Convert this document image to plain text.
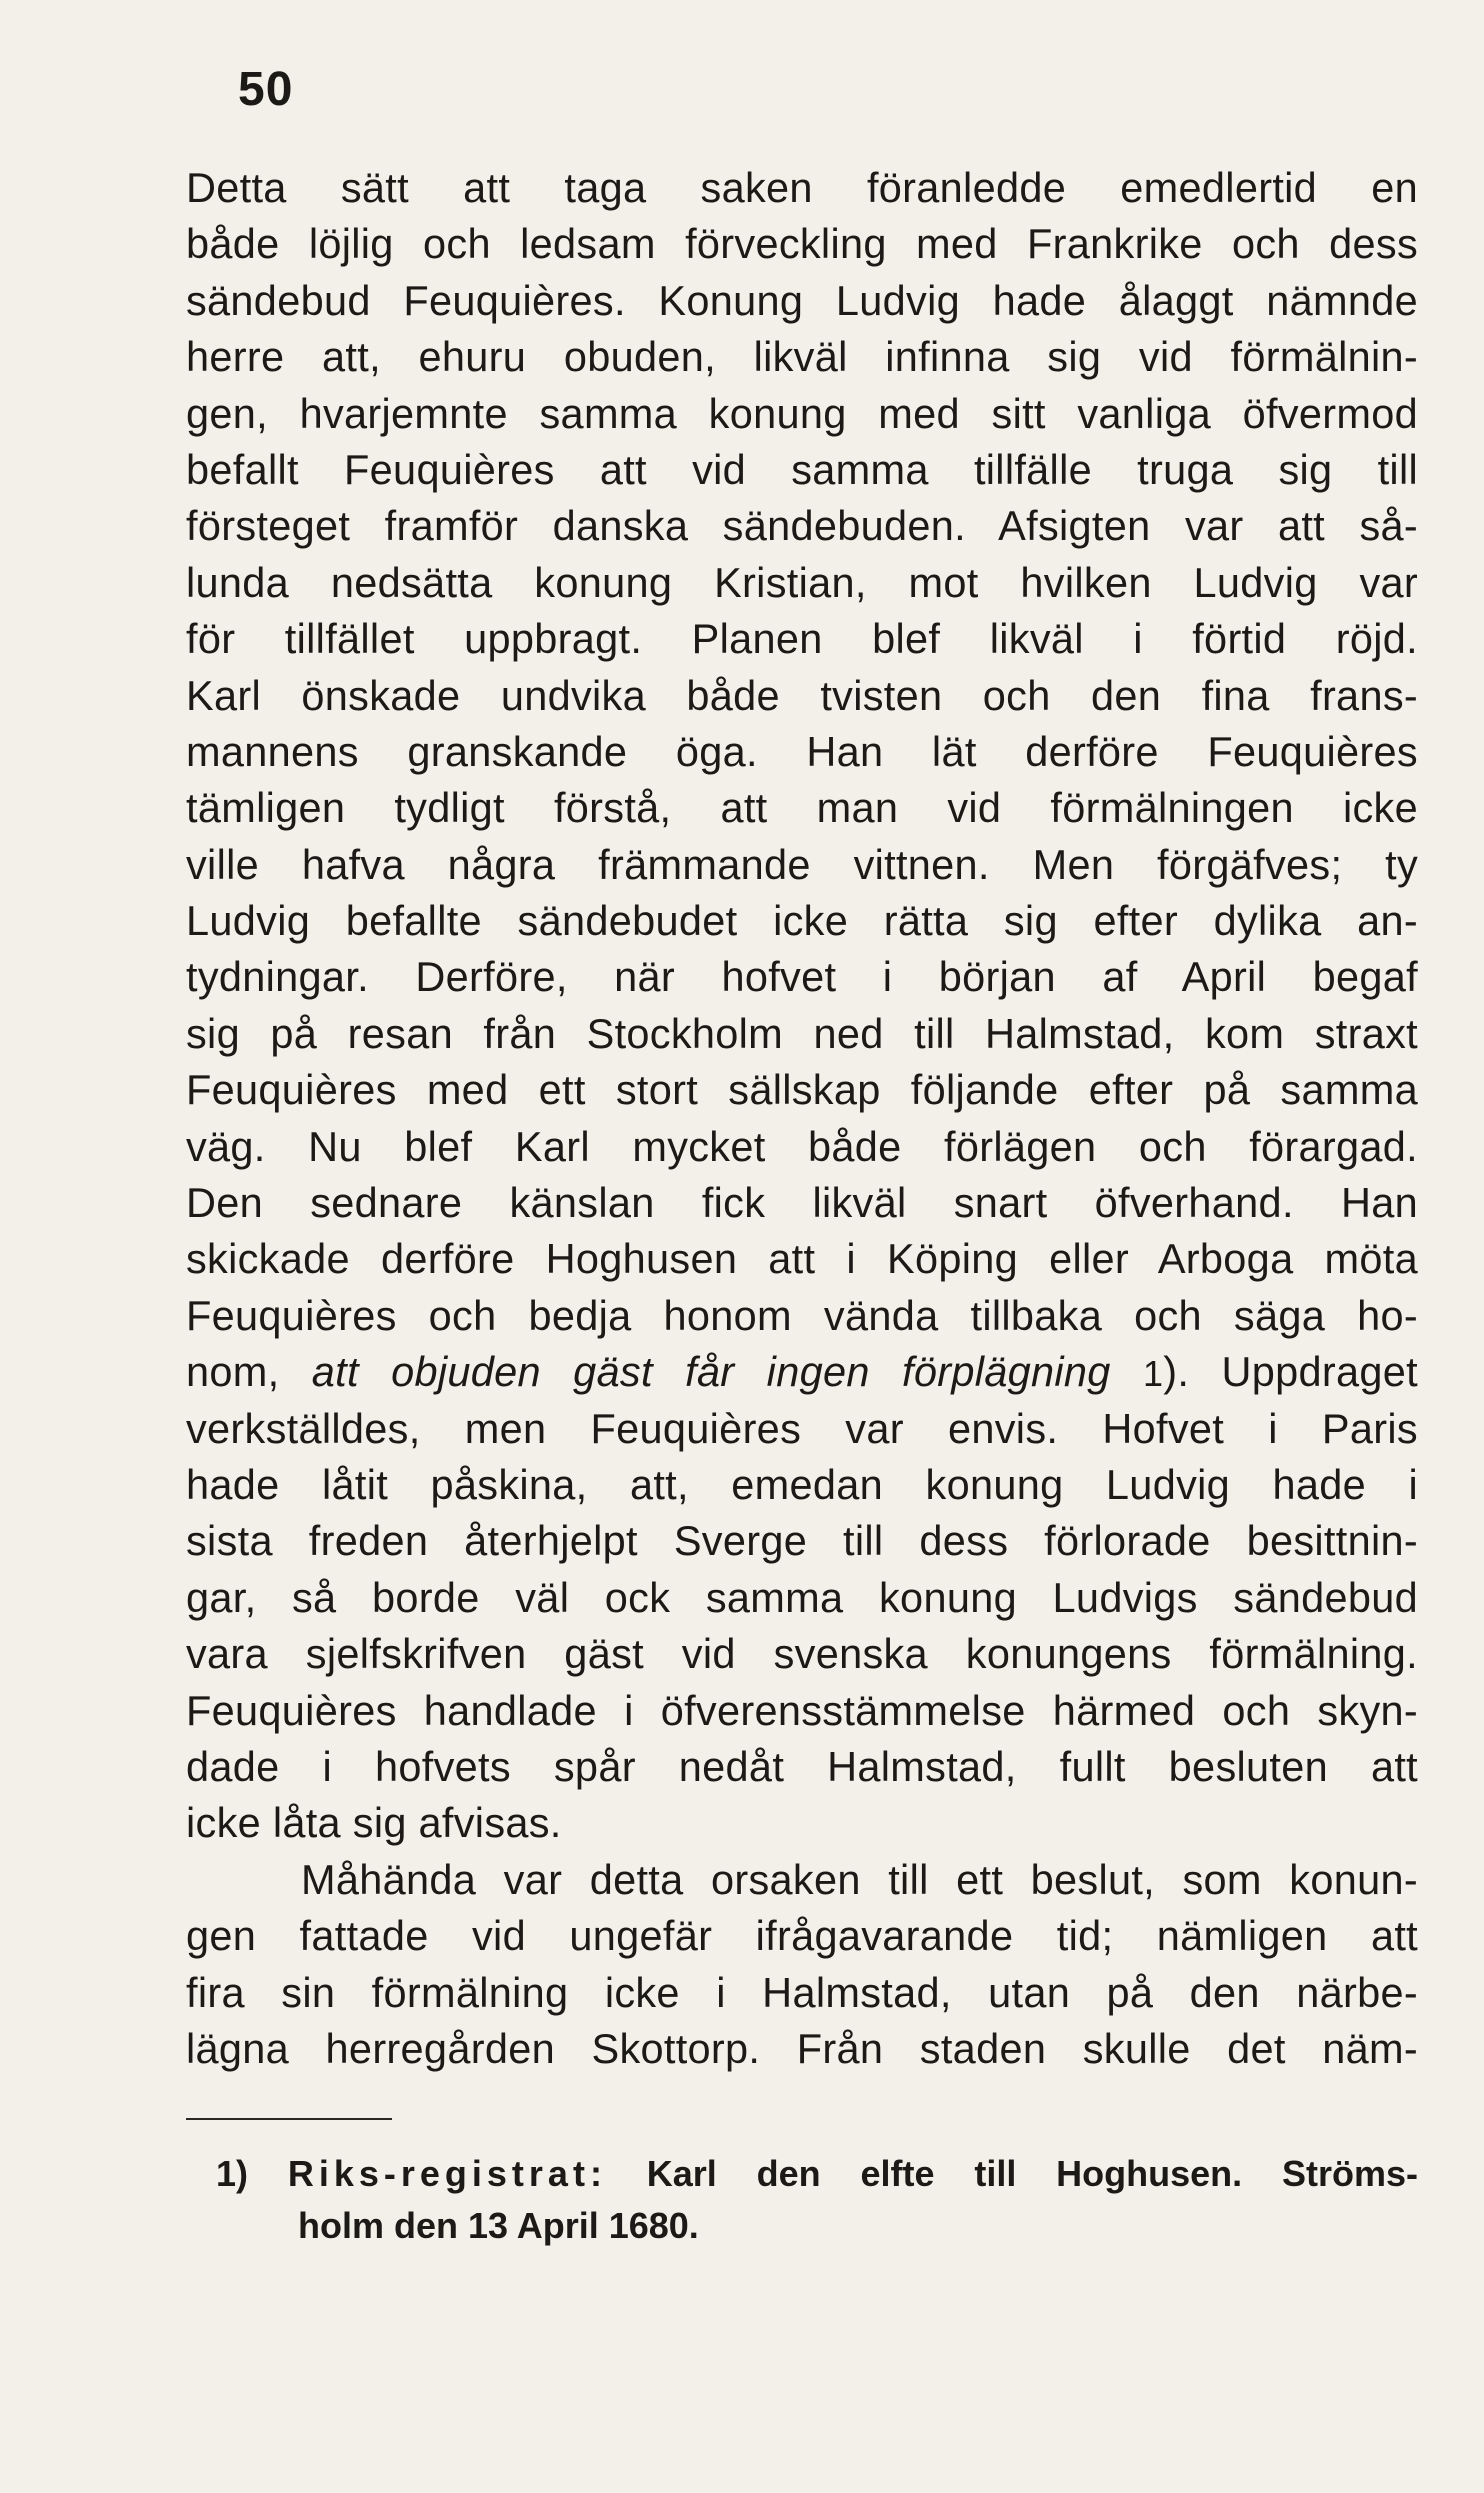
50
Detta sätt att taga saken föranledde emedlertid en
både löjlig och ledsam förveckling med Frankrike och dess
sändebud Feuquières. Konung Ludvig hade ålaggt nämnde
herre att, ehuru obuden, likväl infinna sig vid förmälnin-
gen, hvarjemnte samma konung med sitt vanliga öfvermod
befallt Feuquières att vid samma tillfälle truga sig till
försteget framför danska sändebuden. Afsigten var att så-
lunda nedsätta konung Kristian, mot hvilken Ludvig var
för tillfället uppbragt. Planen blef likväl i förtid röjd.
Karl önskade undvika både tvisten och den fina frans-
mannens granskande öga. Han lät derföre Feuquières
tämligen tydligt förstå, att man vid förmälningen icke
ville hafva några främmande vittnen. Men förgäfves; ty
Ludvig befallte sändebudet icke rätta sig efter dylika an-
tydningar. Derföre, när hofvet i början af April begaf
sig på resan från Stockholm ned till Halmstad, kom straxt
Feuquières med ett stort sällskap följande efter på samma
väg. Nu blef Karl mycket både förlägen och förargad.
Den sednare känslan fick likväl snart öfverhand. Han
skickade derföre Hoghusen att i Köping eller Arboga möta
Feuquières och bedja honom vända tillbaka och säga ho-
nom, att objuden gäst får ingen förplägning 1). Uppdraget
verkställdes, men Feuquières var envis. Hofvet i Paris
hade låtit påskina, att, emedan konung Ludvig hade i
sista freden återhjelpt Sverge till dess förlorade besittnin-
gar, så borde väl ock samma konung Ludvigs sändebud
vara sjelfskrifven gäst vid svenska konungens förmälning.
Feuquières handlade i öfverensstämmelse härmed och skyn-
dade i hofvets spår nedåt Halmstad, fullt besluten att
icke låta sig afvisas.
Måhända var detta orsaken till ett beslut, som konun-
gen fattade vid ungefär ifrågavarande tid; nämligen att
fira sin förmälning icke i Halmstad, utan på den närbe-
lägna herregården Skottorp. Från staden skulle det näm-
1) Riks-registrat: Karl den elfte till Hoghusen. Ströms-
holm den 13 April 1680.
